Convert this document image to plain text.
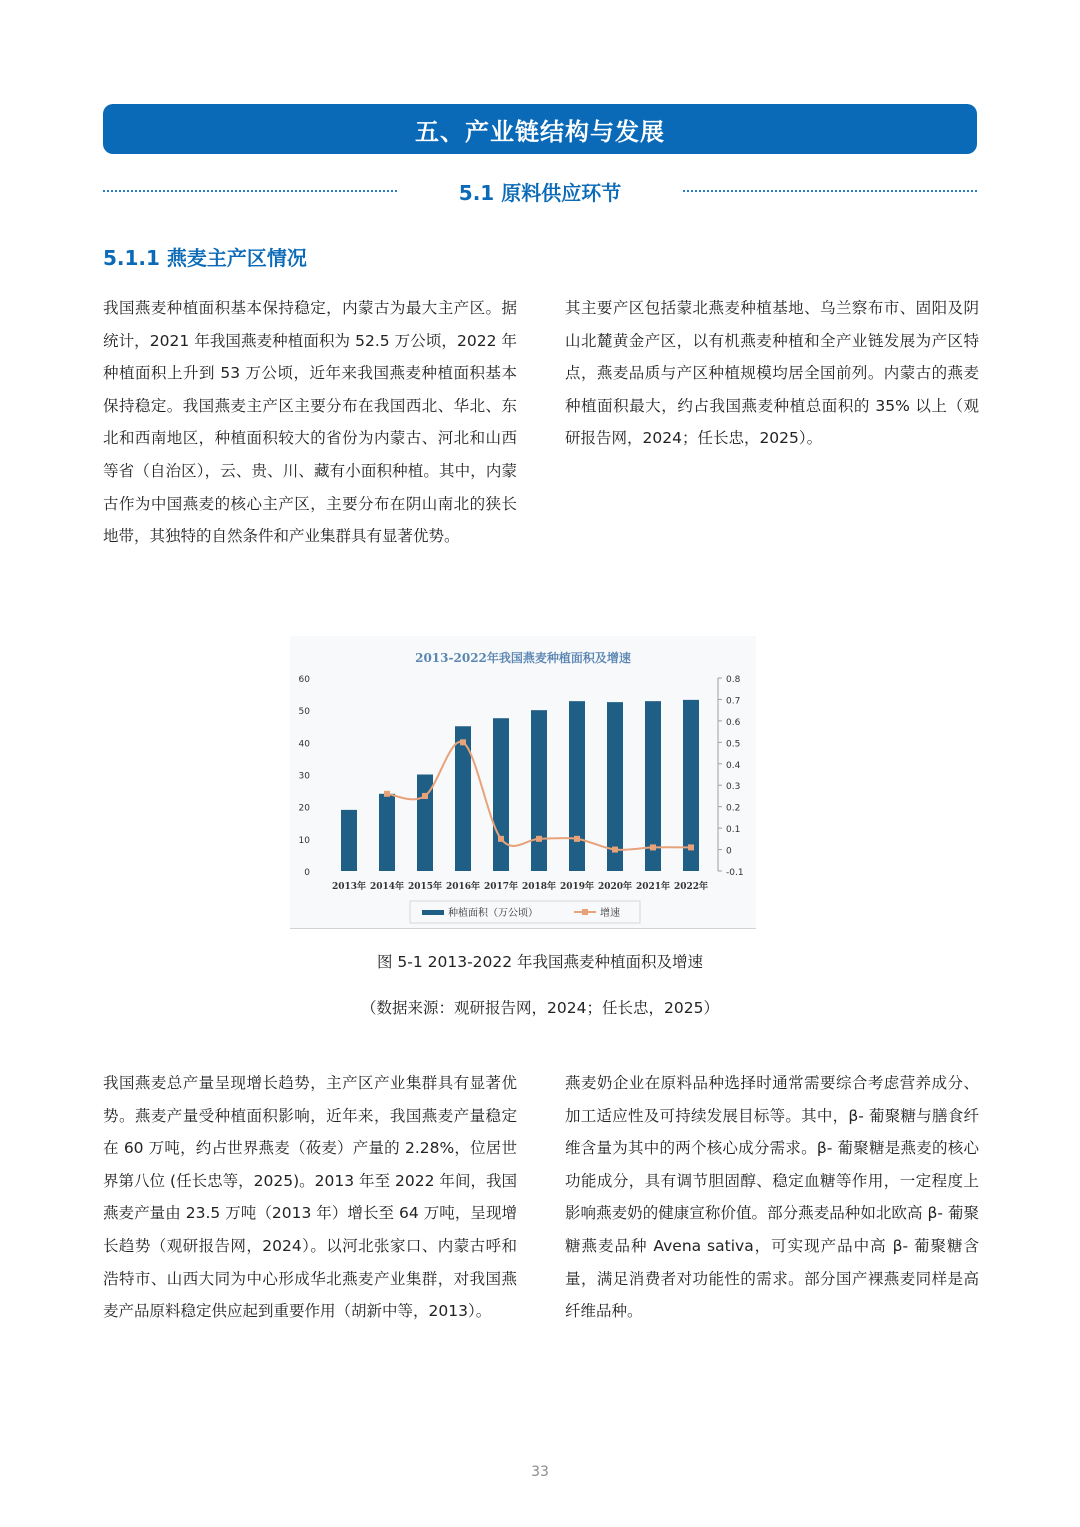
五、产业链结构与发展
5.1 原料供应环节
5.1.1 燕麦主产区情况

我国燕麦种植面积基本保持稳定，内蒙古为最大主产区。据统计，2021 年我国燕麦种植面积为 52.5 万公顷，2022 年种植面积上升到 53 万公顷，近年来我国燕麦种植面积基本保持稳定。我国燕麦主产区主要分布在我国西北、华北、东北和西南地区，种植面积较大的省份为内蒙古、河北和山西等省（自治区），云、贵、川、藏有小面积种植。其中，内蒙古作为中国燕麦的核心主产区，主要分布在阴山南北的狭长地带，其独特的自然条件和产业集群具有显著优势。

其主要产区包括蒙北燕麦种植基地、乌兰察布市、固阳及阴山北麓黄金产区，以有机燕麦种植和全产业链发展为产区特点，燕麦品质与产区种植规模均居全国前列。内蒙古的燕麦种植面积最大，约占我国燕麦种植总面积的 35% 以上（观研报告网，2024；任长忠，2025）。

2013-2022年我国燕麦种植面积及增速
0
10
20
30
40
50
60
-0.1
0
0.1
0.2
0.3
0.4
0.5
0.6
0.7
0.8
2013年 2014年 2015年 2016年 2017年 2018年 2019年 2020年 2021年 2022年
种植面积（万公顷）	增速
图 5-1 2013-2022 年我国燕麦种植面积及增速
（数据来源：观研报告网，2024；任长忠，2025）

我国燕麦总产量呈现增长趋势，主产区产业集群具有显著优势。燕麦产量受种植面积影响，近年来，我国燕麦产量稳定在 60 万吨，约占世界燕麦（莜麦）产量的 2.28%，位居世界第八位 (任长忠等，2025)。2013 年至 2022 年间，我国燕麦产量由 23.5 万吨（2013 年）增长至 64 万吨，呈现增长趋势（观研报告网，2024）。以河北张家口、内蒙古呼和浩特市、山西大同为中心形成华北燕麦产业集群，对我国燕麦产品原料稳定供应起到重要作用（胡新中等，2013）。

燕麦奶企业在原料品种选择时通常需要综合考虑营养成分、加工适应性及可持续发展目标等。其中，β- 葡聚糖与膳食纤维含量为其中的两个核心成分需求。β- 葡聚糖是燕麦的核心功能成分，具有调节胆固醇、稳定血糖等作用，一定程度上影响燕麦奶的健康宣称价值。部分燕麦品种如北欧高 β- 葡聚糖燕麦品种 Avena sativa，可实现产品中高 β- 葡聚糖含量，满足消费者对功能性的需求。部分国产裸燕麦同样是高纤维品种。

33
